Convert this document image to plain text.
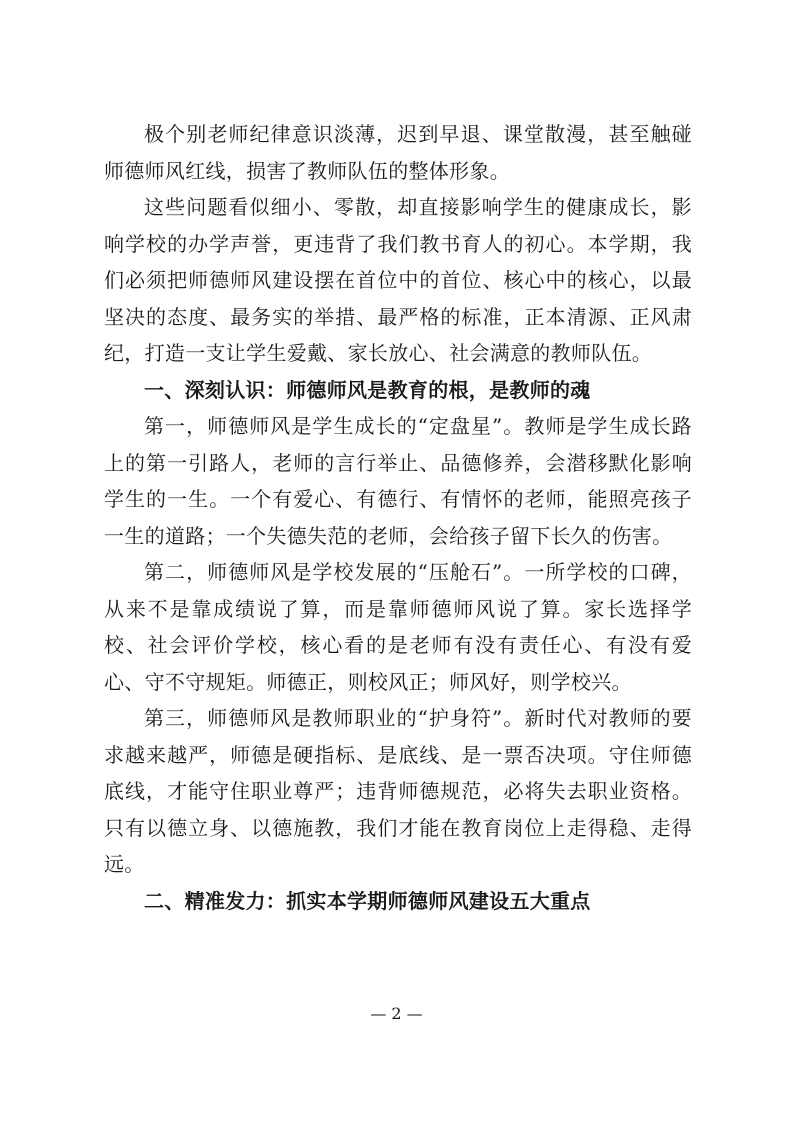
极个别老师纪律意识淡薄，迟到早退、课堂散漫，甚至触碰师德师风红线，损害了教师队伍的整体形象。

这些问题看似细小、零散，却直接影响学生的健康成长，影响学校的办学声誉，更违背了我们教书育人的初心。本学期，我们必须把师德师风建设摆在首位中的首位、核心中的核心，以最坚决的态度、最务实的举措、最严格的标准，正本清源、正风肃纪，打造一支让学生爱戴、家长放心、社会满意的教师队伍。

一、深刻认识：师德师风是教育的根，是教师的魂

第一，师德师风是学生成长的“定盘星”。教师是学生成长路上的第一引路人，老师的言行举止、品德修养，会潜移默化影响学生的一生。一个有爱心、有德行、有情怀的老师，能照亮孩子一生的道路；一个失德失范的老师，会给孩子留下长久的伤害。

第二，师德师风是学校发展的“压舱石”。一所学校的口碑，从来不是靠成绩说了算，而是靠师德师风说了算。家长选择学校、社会评价学校，核心看的是老师有没有责任心、有没有爱心、守不守规矩。师德正，则校风正；师风好，则学校兴。

第三，师德师风是教师职业的“护身符”。新时代对教师的要求越来越严，师德是硬指标、是底线、是一票否决项。守住师德底线，才能守住职业尊严；违背师德规范，必将失去职业资格。只有以德立身、以德施教，我们才能在教育岗位上走得稳、走得远。

二、精准发力：抓实本学期师德师风建设五大重点

— 2 —
